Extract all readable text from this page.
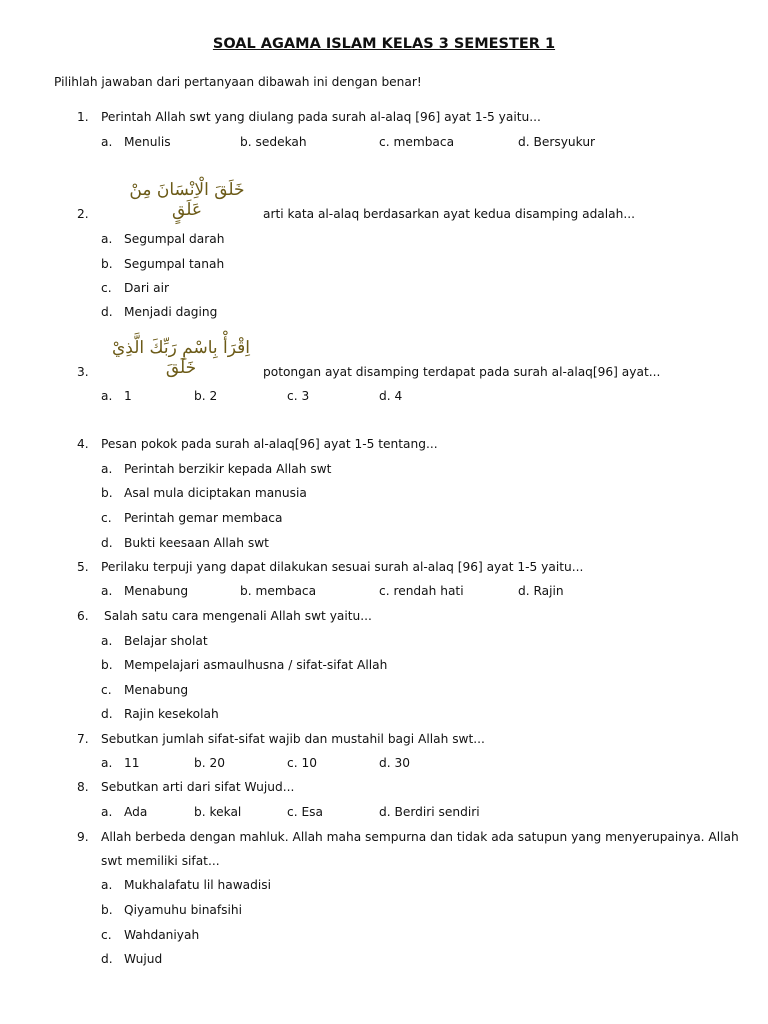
SOAL AGAMA ISLAM KELAS 3 SEMESTER 1
Pilihlah jawaban dari pertanyaan dibawah ini dengan benar!
1. Perintah Allah swt yang diulang pada surah al-alaq [96] ayat 1-5 yaitu...
a. Menulis	b. sedekah	c. membaca	d. Bersyukur
خَلَقَ الْاِنْسَانَ مِنْ عَلَقٍ
2.	arti kata al-alaq berdasarkan ayat kedua disamping adalah...
a. Segumpal darah
b. Segumpal tanah
c. Dari air
d. Menjadi daging
اِقْرَأْ بِاسْمِ رَبِّكَ الَّذِيْ خَلَقَ
3.	potongan ayat disamping terdapat pada surah al-alaq[96] ayat...
a. 1	b. 2	c. 3	d. 4
4. Pesan pokok pada surah al-alaq[96] ayat 1-5 tentang...
a. Perintah berzikir kepada Allah swt
b. Asal mula diciptakan manusia
c. Perintah gemar membaca
d. Bukti keesaan Allah swt
5. Perilaku terpuji yang dapat dilakukan sesuai surah al-alaq [96] ayat 1-5 yaitu...
a. Menabung	b. membaca	c. rendah hati	d. Rajin
6. Salah satu cara mengenali Allah swt yaitu...
a. Belajar sholat
b. Mempelajari asmaulhusna / sifat-sifat Allah
c. Menabung
d. Rajin kesekolah
7. Sebutkan jumlah sifat-sifat wajib dan mustahil bagi Allah swt...
a. 11	b. 20	c. 10	d. 30
8. Sebutkan arti dari sifat Wujud...
a. Ada	b. kekal	c. Esa	d. Berdiri sendiri
9. Allah berbeda dengan mahluk. Allah maha sempurna dan tidak ada satupun yang menyerupainya. Allah
swt memiliki sifat...
a. Mukhalafatu lil hawadisi
b. Qiyamuhu binafsihi
c. Wahdaniyah
d. Wujud
